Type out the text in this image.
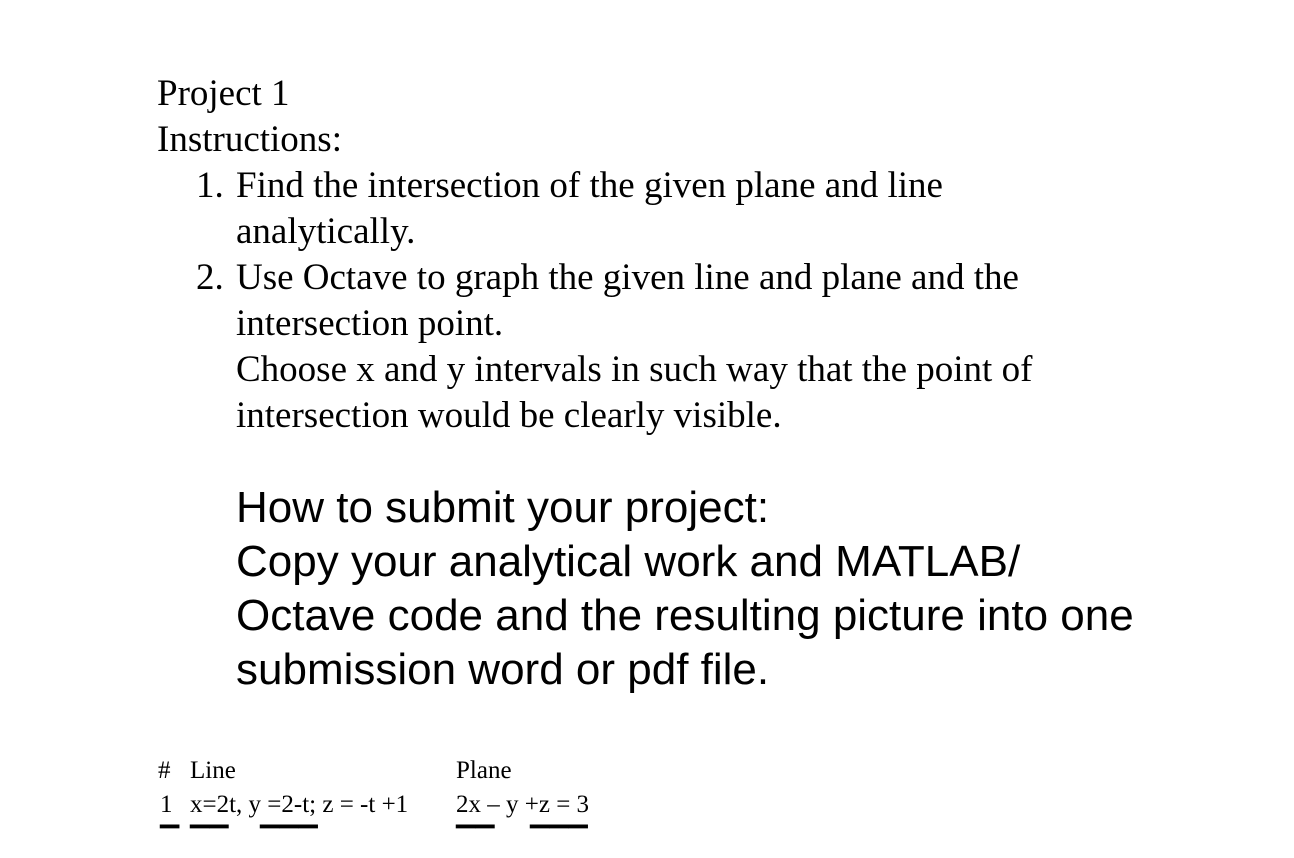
Project 1
Instructions:
1. Find the intersection of the given plane and line
analytically.
2. Use Octave to graph the given line and plane and the
intersection point.
Choose x and y intervals in such way that the point of
intersection would be clearly visible.
How to submit your project:
Copy your analytical work and MATLAB/
Octave code and the resulting picture into one
submission word or pdf file.
# Line	Plane
1 x=2t, y =2-t; z = -t +1 2x – y +z = 3
▔ ▔▔ ▔▔▔	▔▔ ▔▔▔
